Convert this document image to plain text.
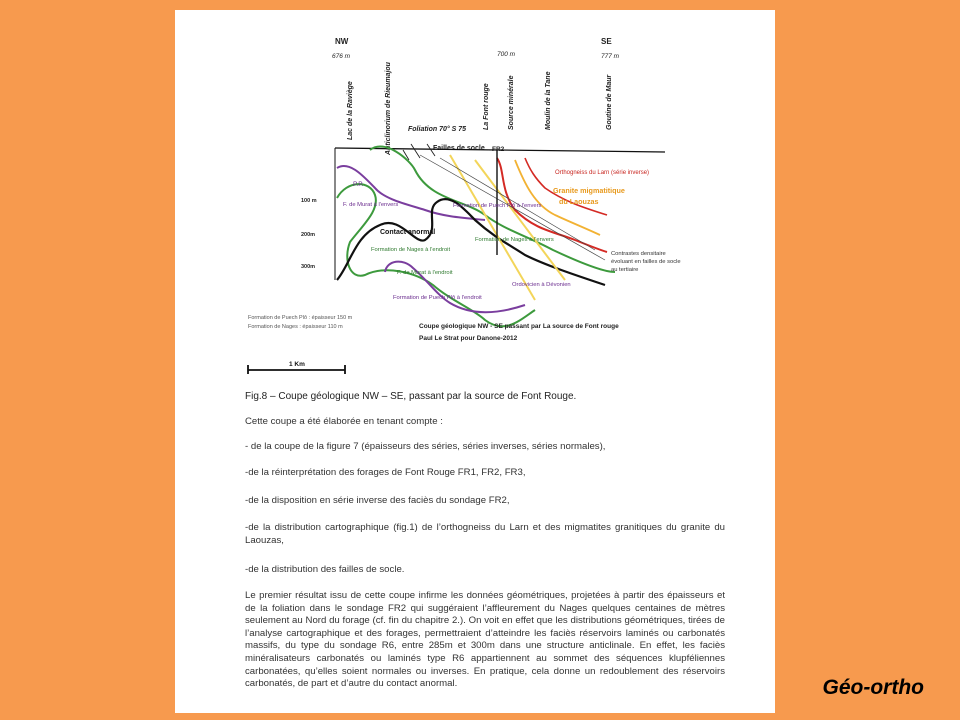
NW	SE
676 m	700 m	777 m
Lac de la Raviège	Anticlinorium de Rieumajou	La Font rouge	Source minérale	Moulin de la Tane	Goutine de Maur
Foliation 70° S 75
Failles de socle FR2
100 m
200m
300m
P.P.
F. de Murat à l'envers
Contact anormal
Formation de Nages à l'endroit
F. de Murat à l'endroit
Formation de Puech Plô à l'endroit
Formation de Puech Plô à l'envers
Formation de Nages à l'envers
Ordovicien à Dévonien
Orthogneiss du Larn (série inverse)
Granite migmatitique
du Laouzas
Contrastes densitaire
évoluant en failles de socle
au tertiaire
Formation de Puech Plô : épaisseur 150 m
Formation de Nages : épaisseur 110 m	Coupe géologique NW - SE passant par La source de Font rouge
Paul Le Strat pour Danone-2012
1 Km
Fig.8 – Coupe géologique NW – SE, passant par la source de Font Rouge.
Cette coupe a été élaborée en tenant compte :
- de la coupe de la figure 7 (épaisseurs des séries, séries inverses, séries normales),
-de la réinterprétation des forages de Font Rouge FR1, FR2, FR3,
-de la disposition en série inverse des faciès du sondage FR2,
-de la distribution cartographique (fig.1) de l’orthogneiss du Larn et des migmatites granitiques du granite du Laouzas,
-de la distribution des failles de socle.
Le premier résultat issu de cette coupe infirme les données géométriques, projetées à partir des épaisseurs et de la foliation dans le sondage FR2 qui suggéraient l’affleurement du Nages quelques centaines de mètres seulement au Nord du forage (cf. fin du chapitre 2.). On voit en effet que les distributions géométriques, tirées de l’analyse cartographique et des forages, permettraient d’atteindre les faciès réservoirs laminés ou carbonatés massifs, du type du sondage R6, entre 285m et 300m dans une structure anticlinale. En effet, les faciès minéralisateurs carbonatés ou laminés type R6 appartiennent au sommet des séquences klupféliennes carbonatées, qu’elles soient normales ou inverses. En pratique, cela donne un redoublement des réservoirs carbonatés, de part et d’autre du contact anormal.	Géo-ortho
